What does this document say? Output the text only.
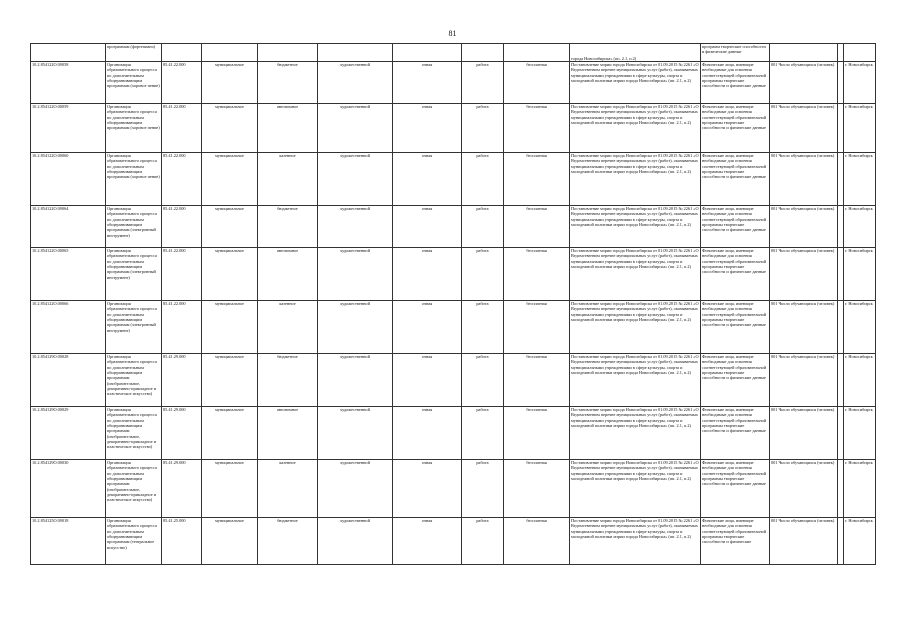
81
	программам (фортепиано)								города Новосибирска» (пп. 2.1, п.2)	программ творческие способности и физические данные			
10.2.854122О.00058	Организация образовательного процесса по дополнительным общеразвивающим программам (хоровое пение)	85.41.22.000	муниципальное	бюджетное	художественной	очная	работа	бесплатная	Постановление мэрии города Новосибирска от 01.09.2015 № 2261 «О Ведомственном перечне муниципальных услуг (работ), оказываемых муниципальными учреждениями в сфере культуры, спорта и молодежной политики мэрии города Новосибирска» (пп. 2.1, п.2)	Физические лица, имеющие необходимые для освоения соответствующей образовательной программы творческие способности и физические данные	001 Число обучающихся (человек)		г. Новосибирск
10.2.854122О.00059	Организация образовательного процесса по дополнительным общеразвивающим программам (хоровое пение)	85.41.22.000	муниципальное	автономное	художественной	очная	работа	бесплатная	Постановление мэрии города Новосибирска от 01.09.2015 № 2261 «О Ведомственном перечне муниципальных услуг (работ), оказываемых муниципальными учреждениями в сфере культуры, спорта и молодежной политики мэрии города Новосибирска» (пп. 2.1, п.2)	Физические лица, имеющие необходимые для освоения соответствующей образовательной программы творческие способности и физические данные	001 Число обучающихся (человек)		г. Новосибирск
10.2.854122О.00060	Организация образовательного процесса по дополнительным общеразвивающим программам (хоровое пение)	85.41.22.000	муниципальное	казенное	художественной	очная	работа	бесплатная	Постановление мэрии города Новосибирска от 01.09.2015 № 2261 «О Ведомственном перечне муниципальных услуг (работ), оказываемых муниципальными учреждениями в сфере культуры, спорта и молодежной политики мэрии города Новосибирска» (пп. 2.1, п.2)	Физические лица, имеющие необходимые для освоения соответствующей образовательной программы творческие способности и физические данные	001 Число обучающихся (человек)		г. Новосибирск
10.2.854122О.00064	Организация образовательного процесса по дополнительным общеразвивающим программам (электронный инструмент)	85.41.22.000	муниципальное	бюджетное	художественной	очная	работа	бесплатная	Постановление мэрии города Новосибирска от 01.09.2015 № 2261 «О Ведомственном перечне муниципальных услуг (работ), оказываемых муниципальными учреждениями в сфере культуры, спорта и молодежной политики мэрии города Новосибирска» (пп. 2.1, п.2)	Физические лица, имеющие необходимые для освоения соответствующей образовательной программы творческие способности и физические данные	001 Число обучающихся (человек)		г. Новосибирск
10.2.854122О.00065	Организация образовательного процесса по дополнительным общеразвивающим программам (электронный инструмент)	85.41.22.000	муниципальное	автономное	художественной	очная	работа	бесплатная	Постановление мэрии города Новосибирска от 01.09.2015 № 2261 «О Ведомственном перечне муниципальных услуг (работ), оказываемых муниципальными учреждениями в сфере культуры, спорта и молодежной политики мэрии города Новосибирска» (пп. 2.1, п.2)	Физические лица, имеющие необходимые для освоения соответствующей образовательной программы творческие способности и физические данные	001 Число обучающихся (человек)		г. Новосибирск
10.2.854122О.00066	Организация образовательного процесса по дополнительным общеразвивающим программам (электронный инструмент)	85.41.22.000	муниципальное	казенное	художественной	очная	работа	бесплатная	Постановление мэрии города Новосибирска от 01.09.2015 № 2261 «О Ведомственном перечне муниципальных услуг (работ), оказываемых муниципальными учреждениями в сфере культуры, спорта и молодежной политики мэрии города Новосибирска» (пп. 2.1, п.2)	Физические лица, имеющие необходимые для освоения соответствующей образовательной программы творческие способности и физические данные	001 Число обучающихся (человек)		г. Новосибирск
10.2.854129О.00028	Организация образовательного процесса по дополнительным общеразвивающим программам (изобразительное, декоративно-прикладное и пластическое искусство)	85.41.29.000	муниципальное	бюджетное	художественной	очная	работа	бесплатная	Постановление мэрии города Новосибирска от 01.09.2015 № 2261 «О Ведомственном перечне муниципальных услуг (работ), оказываемых муниципальными учреждениями в сфере культуры, спорта и молодежной политики мэрии города Новосибирска» (пп. 2.1, п.2)	Физические лица, имеющие необходимые для освоения соответствующей образовательной программы творческие способности и физические данные	001 Число обучающихся (человек)		г. Новосибирск
10.2.854129О.00029	Организация образовательного процесса по дополнительным общеразвивающим программам (изобразительное, декоративно-прикладное и пластическое искусство)	85.41.29.000	муниципальное	автономное	художественной	очная	работа	бесплатная	Постановление мэрии города Новосибирска от 01.09.2015 № 2261 «О Ведомственном перечне муниципальных услуг (работ), оказываемых муниципальными учреждениями в сфере культуры, спорта и молодежной политики мэрии города Новосибирска» (пп. 2.1, п.2)	Физические лица, имеющие необходимые для освоения соответствующей образовательной программы творческие способности и физические данные	001 Число обучающихся (человек)		г. Новосибирск
10.2.854129О.00030	Организация образовательного процесса по дополнительным общеразвивающим программам (изобразительное, декоративно-прикладное и пластическое искусство)	85.41.29.000	муниципальное	казенное	художественной	очная	работа	бесплатная	Постановление мэрии города Новосибирска от 01.09.2015 № 2261 «О Ведомственном перечне муниципальных услуг (работ), оказываемых муниципальными учреждениями в сфере культуры, спорта и молодежной политики мэрии города Новосибирска» (пп. 2.1, п.2)	Физические лица, имеющие необходимые для освоения соответствующей образовательной программы творческие способности и физические данные	001 Число обучающихся (человек)		г. Новосибирск
10.2.854125О.00018	Организация образовательного процесса по дополнительным общеразвивающим программам (театральное искусство)	85.41.25.000	муниципальное	бюджетное	художественной	очная	работа	бесплатная	Постановление мэрии города Новосибирска от 01.09.2015 № 2261 «О Ведомственном перечне муниципальных услуг (работ), оказываемых муниципальными учреждениями в сфере культуры, спорта и молодежной политики мэрии города Новосибирска» (пп. 2.1, п.2)	Физические лица, имеющие необходимые для освоения соответствующей образовательной программы творческие способности и физические	001 Число обучающихся (человек)		г. Новосибирск
